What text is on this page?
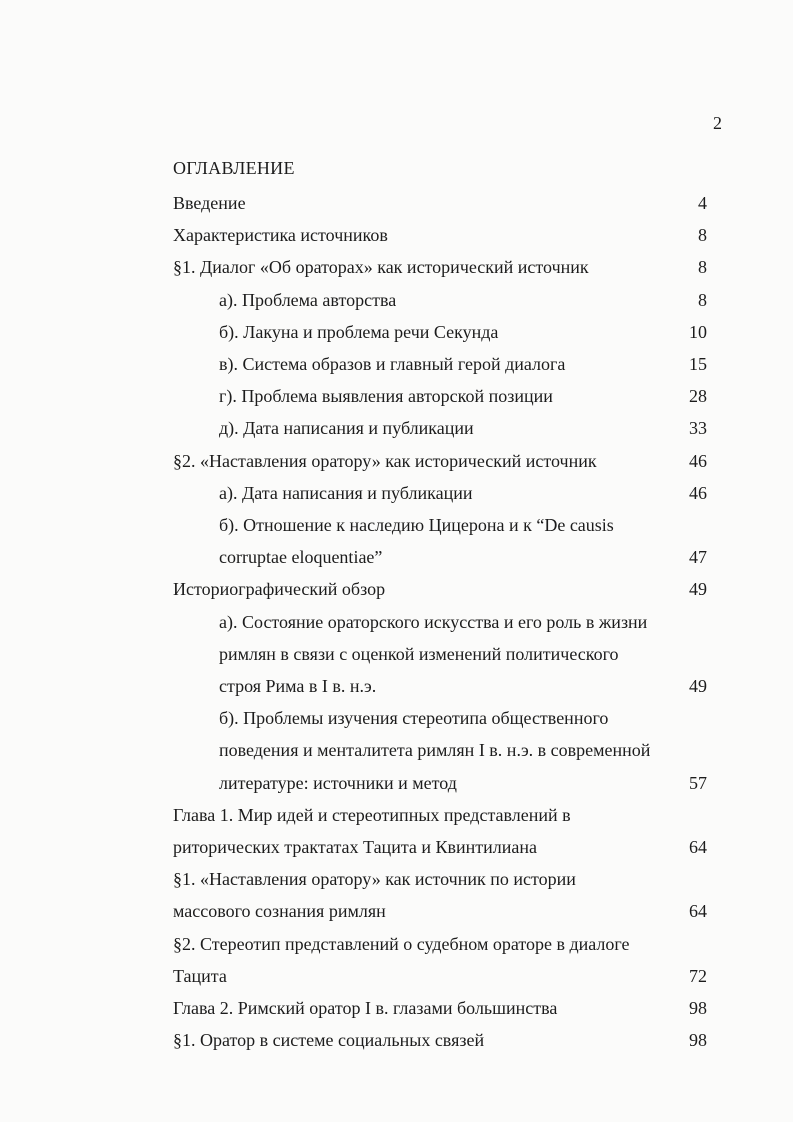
2
ОГЛАВЛЕНИЕ
Введение	4
Характеристика источников	8
§1. Диалог «Об ораторах» как исторический источник	8
а). Проблема авторства	8
б). Лакуна и проблема речи Секунда	10
в). Система образов и главный герой диалога	15
г). Проблема выявления авторской позиции	28
д). Дата написания и публикации	33
§2. «Наставления оратору» как исторический источник	46
а). Дата написания и публикации	46
б). Отношение к наследию Цицерона и к “De causis
corruptae eloquentiae”	47
Историографический обзор	49
а). Состояние ораторского искусства и его роль в жизни
римлян в связи с оценкой изменений политического
строя Рима в I в. н.э.	49
б). Проблемы изучения стереотипа общественного
поведения и менталитета римлян I в. н.э. в современной
литературе: источники и метод	57
Глава 1. Мир идей и стереотипных представлений в
риторических трактатах Тацита и Квинтилиана	64
§1. «Наставления оратору» как источник по истории
массового сознания римлян	64
§2. Стереотип представлений о судебном ораторе в диалоге
Тацита	72
Глава 2. Римский оратор I в. глазами большинства	98
§1. Оратор в системе социальных связей	98
